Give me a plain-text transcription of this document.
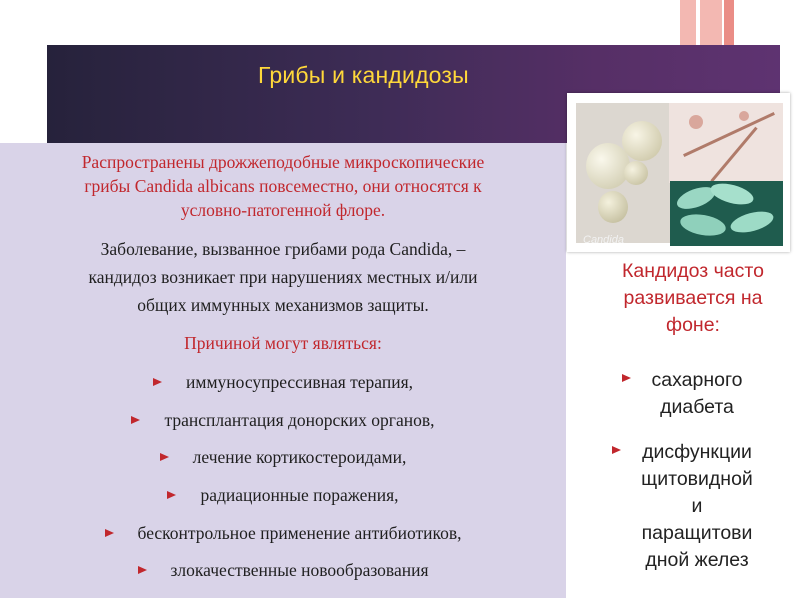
Грибы и кандидозы
Распространены дрожжеподобные микроскопические
грибы Candida albicans повсеместно, они относятся к
условно-патогенной флоре.
Заболевание, вызванное грибами рода Candida, –
кандидоз возникает при нарушениях местных и/или
общих иммунных механизмов защиты.
Причиной могут являться:
иммуносупрессивная терапия,
трансплантация донорских органов,
лечение кортикостероидами,
радиационные поражения,
бесконтрольное применение антибиотиков,
злокачественные новообразования
Candida
Кандидоз часто
развивается на
фоне:
сахарного
диабета
дисфункции
щитовидной
и
паращитови
дной желез
